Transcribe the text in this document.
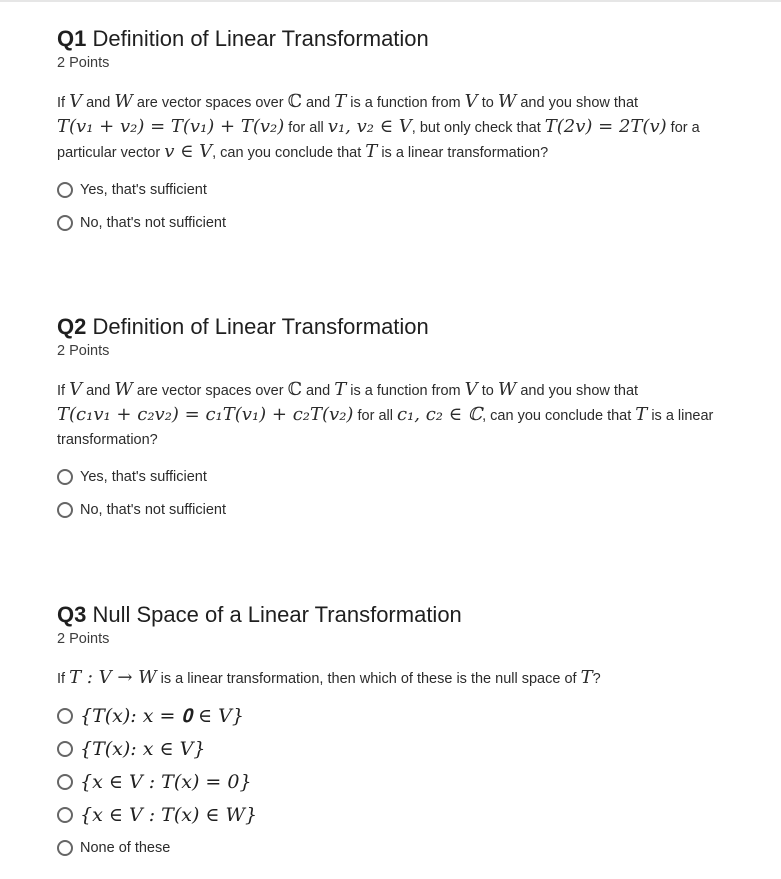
Q1 Definition of Linear Transformation
2 Points
If V and W are vector spaces over ℂ and T is a function from V to W and you show that
T(v₁ + v₂) = T(v₁) + T(v₂) for all v₁, v₂ ∈ V, but only check that T(2v) = 2T(v) for a particular vector v ∈ V, can you conclude that T is a linear transformation?
Yes, that's sufficient
No, that's not sufficient
Q2 Definition of Linear Transformation
2 Points
If V and W are vector spaces over ℂ and T is a function from V to W and you show that
T(c₁v₁ + c₂v₂) = c₁T(v₁) + c₂T(v₂) for all c₁, c₂ ∈ ℂ, can you conclude that T is a linear transformation?
Yes, that's sufficient
No, that's not sufficient
Q3 Null Space of a Linear Transformation
2 Points
If T : V → W is a linear transformation, then which of these is the null space of T?
{T(x): x = 𝟎 ∈ V}
{T(x): x ∈ V}
{x ∈ V : T(x) = 0}
{x ∈ V : T(x) ∈ W}
None of these
